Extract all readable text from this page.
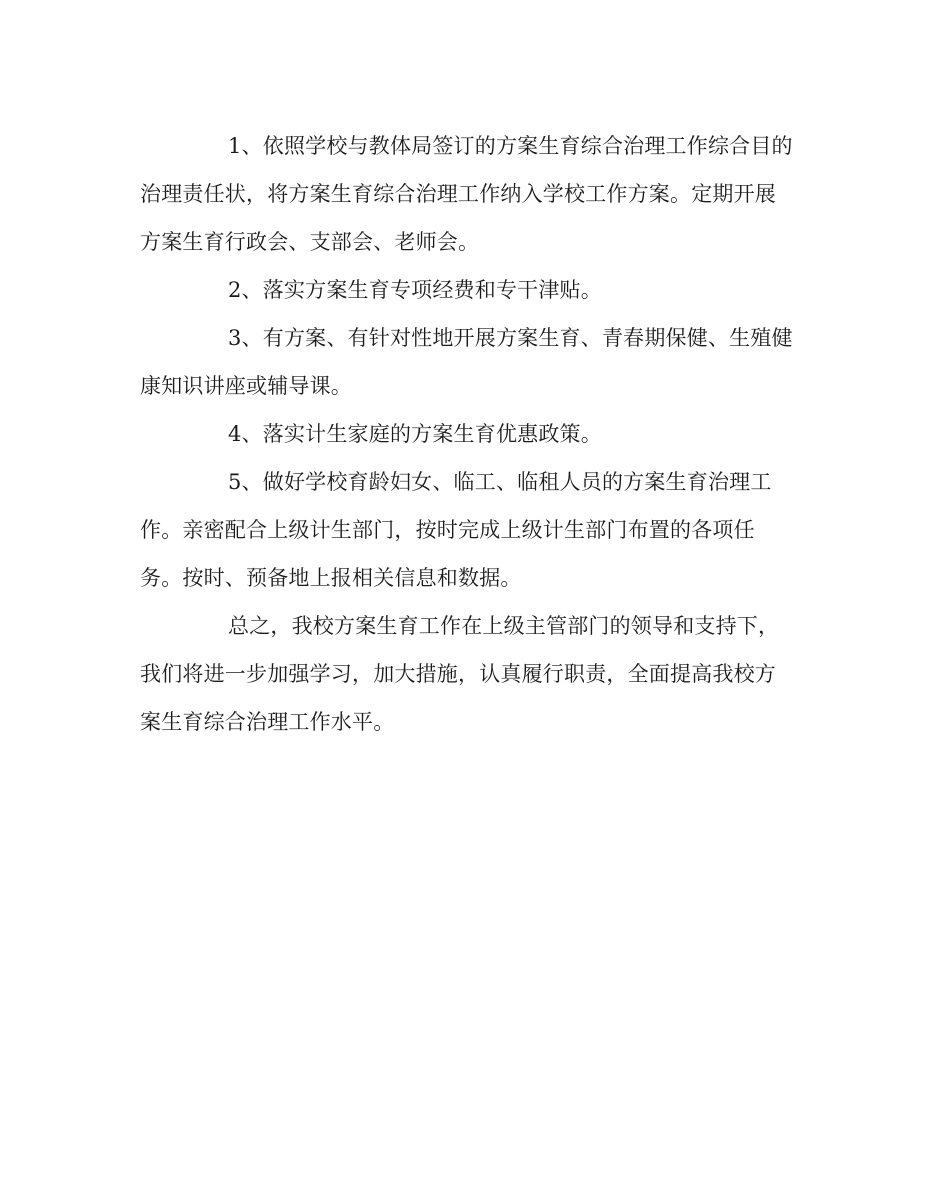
1、依照学校与教体局签订的方案生育综合治理工作综合目的
治理责任状，将方案生育综合治理工作纳入学校工作方案。定期开展
方案生育行政会、支部会、老师会。
2、落实方案生育专项经费和专干津贴。
3、有方案、有针对性地开展方案生育、青春期保健、生殖健
康知识讲座或辅导课。
4、落实计生家庭的方案生育优惠政策。
5、做好学校育龄妇女、临工、临租人员的方案生育治理工
作。亲密配合上级计生部门，按时完成上级计生部门布置的各项任
务。按时、预备地上报相关信息和数据。
总之，我校方案生育工作在上级主管部门的领导和支持下，
我们将进一步加强学习，加大措施，认真履行职责，全面提高我校方
案生育综合治理工作水平。
